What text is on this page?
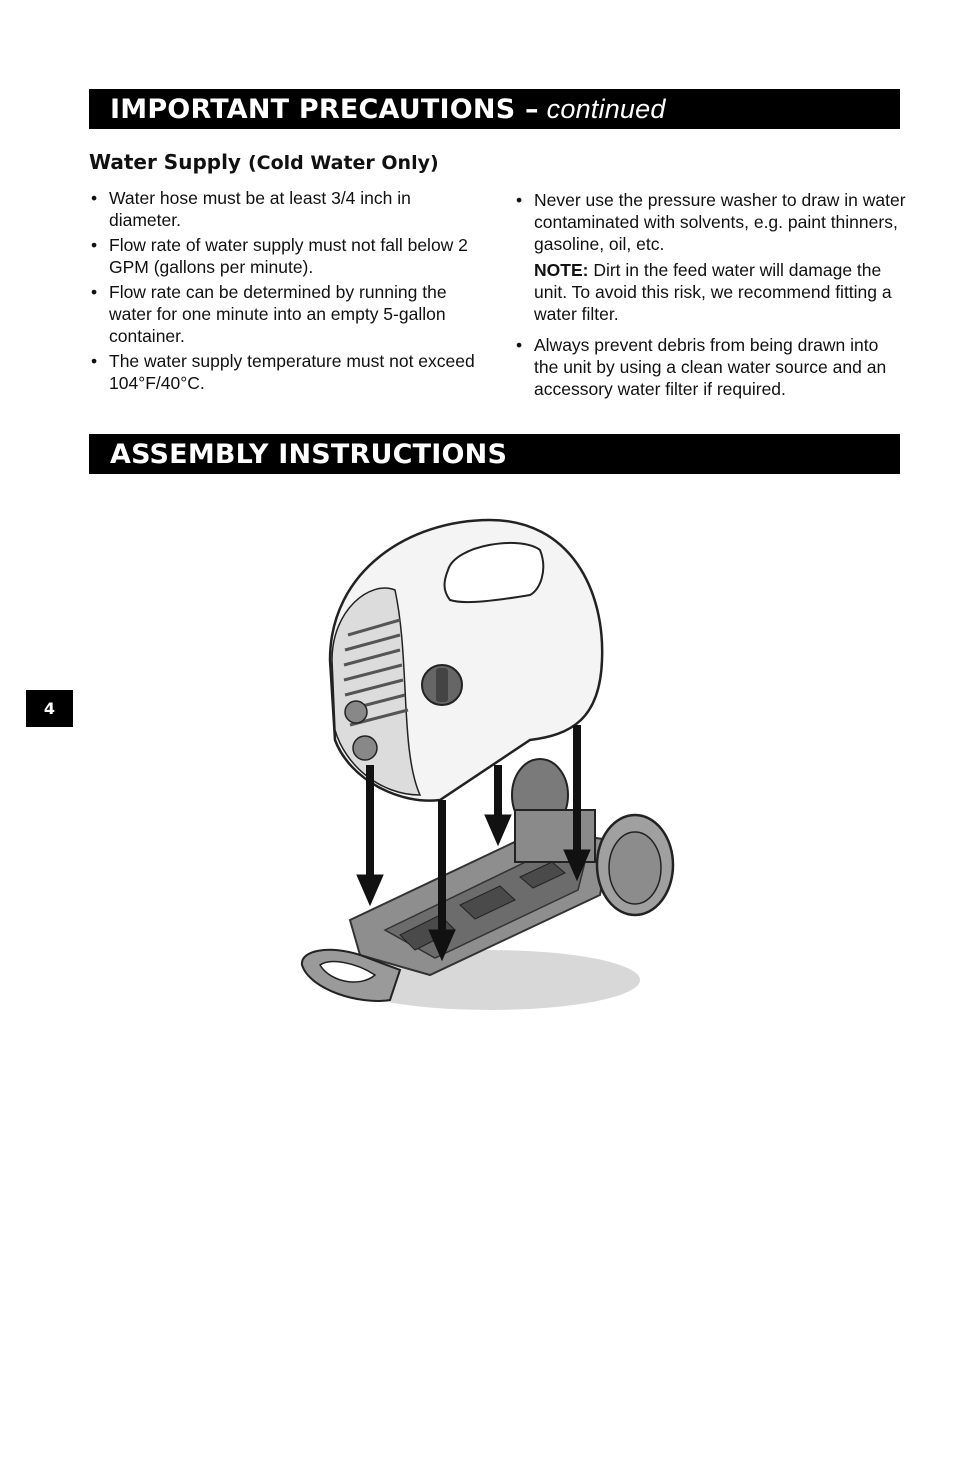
IMPORTANT PRECAUTIONS – continued
Water Supply (Cold Water Only)
• Water hose must be at least 3/4 inch in diameter.
• Flow rate of water supply must not fall below 2 GPM (gallons per minute).
• Flow rate can be determined by running the water for one minute into an empty 5-gallon container.
• The water supply temperature must not exceed 104°F/40°C.
• Never use the pressure washer to draw in water contaminated with solvents, e.g. paint thinners, gasoline, oil, etc.
NOTE: Dirt in the feed water will damage the unit. To avoid this risk, we recommend fitting a water filter.
• Always prevent debris from being drawn into the unit by using a clean water source and an accessory water filter if required.
ASSEMBLY INSTRUCTIONS
4
